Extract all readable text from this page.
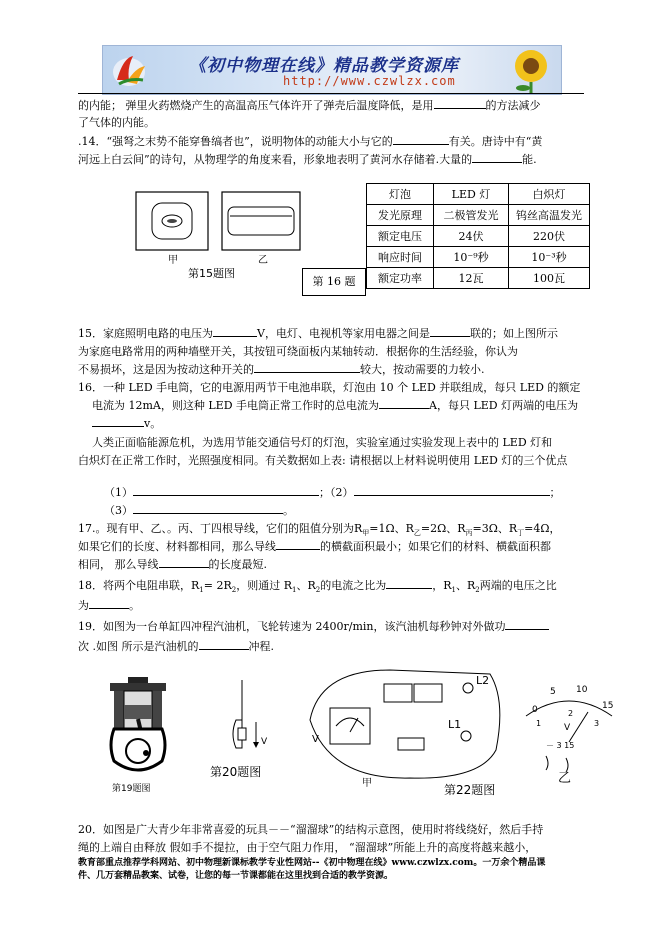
《初中物理在线》精品教学资源库
http://www.czwlzx.com
的内能； 弹里火药燃烧产生的高温高压气体许开了弹壳后温度降低，是用	的方法减少
了气体的内能。
.14．“强弩之末势不能穿鲁缟者也”，说明物体的动能大小与它的	有关。唐诗中有“黄
河远上白云间”的诗句，从物理学的角度来看，形象地表明了黄河水存储着.大量的	能.
甲	乙
第15题图
第 16 题
灯泡	LED 灯	白炽灯
发光原理	二极管发光	钨丝高温发光
额定电压	24伏	220伏
响应时间	10⁻⁹秒	10⁻³秒
额定功率	12瓦	100瓦
15．家庭照明电路的电压为	V，电灯、电视机等家用电器之间是	联的；如上图所示
为家庭电路常用的两种墙壁开关，其按钮可绕面板内某轴转动．根据你的生活经验，你认为
不易损坏，这是因为按动这种开关的	较大，按动需要的力较小.
16．一种 LED 手电筒，它的电源用两节干电池串联，灯泡由 10 个 LED 并联组成，每只 LED 的额定
电流为 12mA，则这种 LED 手电筒正常工作时的总电流为	A，每只 LED 灯两端的电压为
v。
人类正面临能源危机，为选用节能交通信号灯的灯泡，实验室通过实验发现上表中的 LED 灯和
白炽灯在正常工作时，光照强度相同。有关数据如上表: 请根据以上材料说明使用 LED 灯的三个优点
（1）	；（2）	；
（3）	。
17.。现有甲、乙、。丙、丁四根导线，它们的阻值分别为$R_甲=1\Omega$、$R_乙=2\Omega$、$R_丙=3\Omega$、$R_丁=4\Omega$，
如果它们的长度、材料都相同，那么导线	的横截面积最小；如果它们的材料、横截面积都
相同， 那么导线	的长度最短.
18．将两个电阻串联，$R_1= 2R_2$，则通过 $R_1$、$R_2$的电流之比为	，$R_1$、$R_2$两端的电压之比
为	。
19．如图为一台单缸四冲程汽油机，飞轮转速为 2400r/min，该汽油机每秒钟对外做功
次 .如图 所示是汽油机的	冲程.
第19题图
V
第20题图
V
L2
L1
甲	第22题图
0
5 10
15
1
2
3
V
－ 3 15
乙
20．如图是广大青少年非常喜爱的玩具－－“溜溜球”的结构示意图，使用时将线绕好，然后手持
绳的上端自由释放 假如手不提拉，由于空气阻力作用， “溜溜球”所能上升的高度将越来越小，
教育部重点推荐学科网站、初中物理新课标教学专业性网站--《初中物理在线》www.czwlzx.com。一万余个精品课
件、几万套精品教案、试卷，让您的每一节课都能在这里找到合适的教学资源。
